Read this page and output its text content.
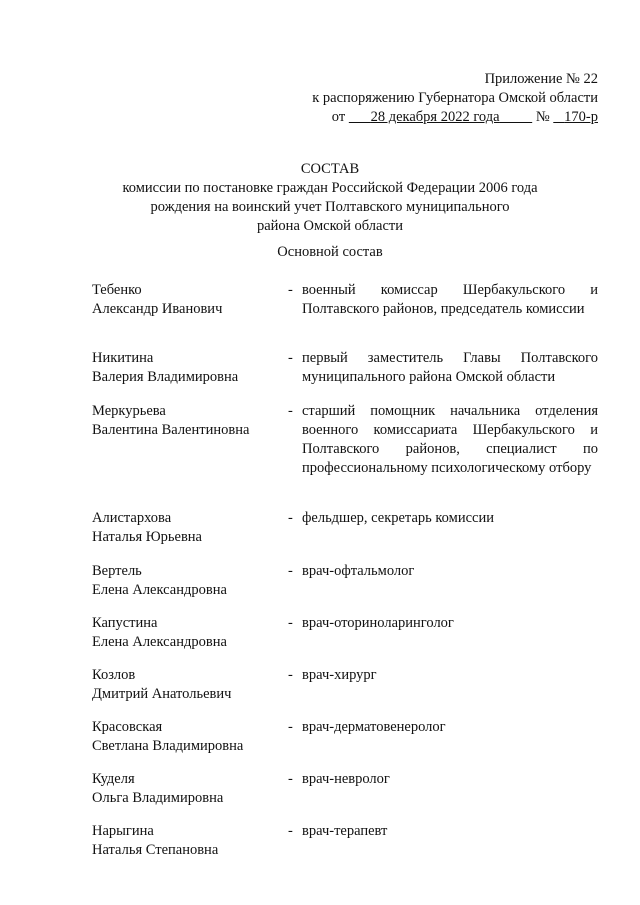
Приложение № 22
к распоряжению Губернатора Омской области
от 28 декабря 2022 года	№ 170-р
СОСТАВ
комиссии по постановке граждан Российской Федерации 2006 года
рождения на воинский учет Полтавского муниципального
района Омской области
Основной состав
Тебенко
Александр Иванович
- военный комиссар Шербакульского и Полтавского районов, председатель комиссии
Никитина
Валерия Владимировна
- первый заместитель Главы Полтавского муниципального района Омской области
Меркурьева
Валентина Валентиновна
- старший помощник начальника отделения военного комиссариата Шербакульского и Полтавского районов, специалист по профессиональному психологическому отбору
Алистархова
Наталья Юрьевна
- фельдшер, секретарь комиссии
Вертель
Елена Александровна
- врач-офтальмолог
Капустина
Елена Александровна
- врач-оториноларинголог
Козлов
Дмитрий Анатольевич
- врач-хирург
Красовская
Светлана Владимировна
- врач-дерматовенеролог
Куделя
Ольга Владимировна
- врач-невролог
Нарыгина
Наталья Степановна
- врач-терапевт
